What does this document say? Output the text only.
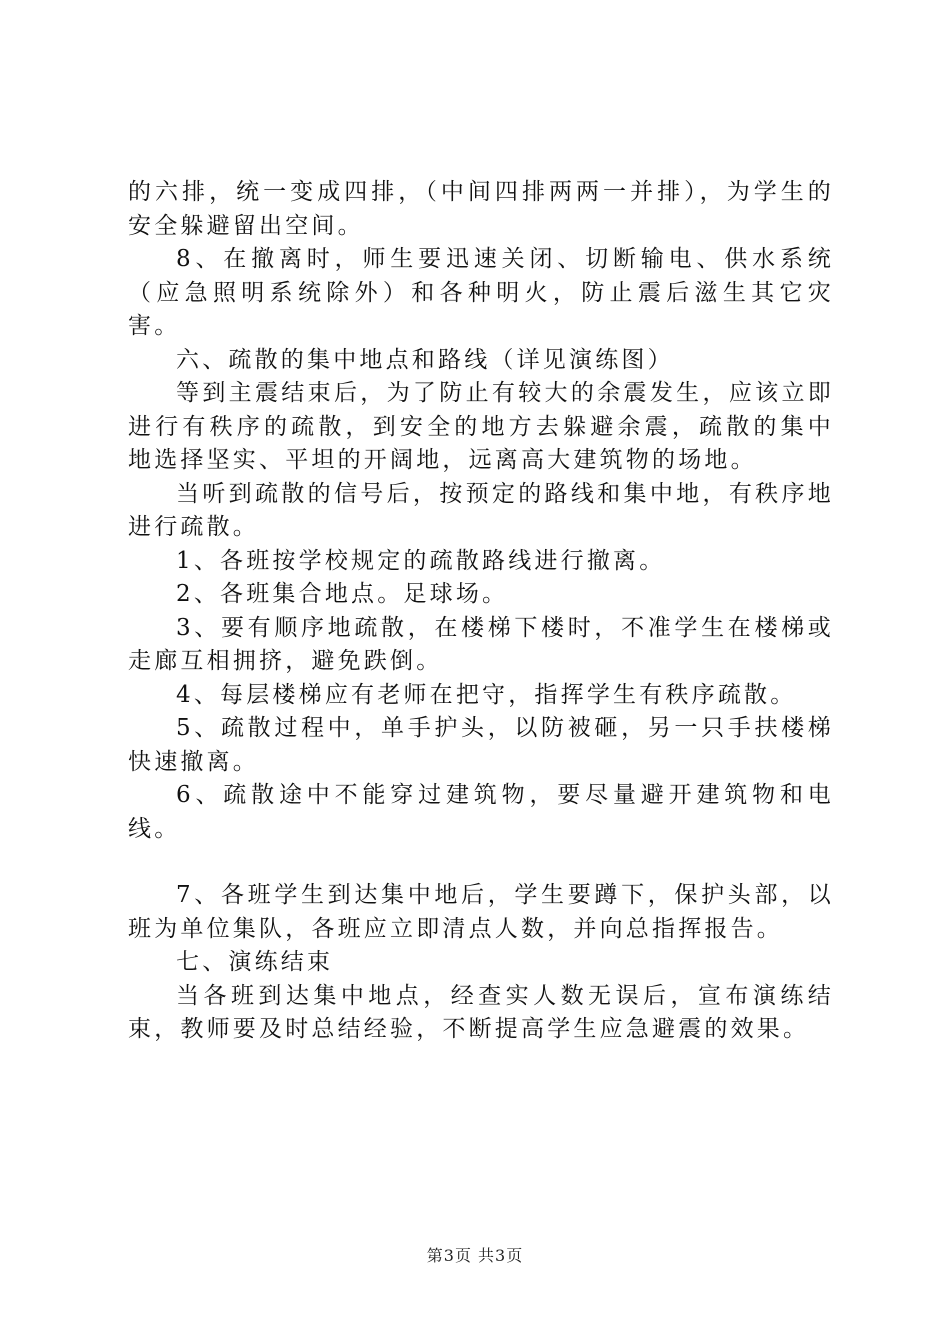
的六排，统一变成四排，（中间四排两两一并排），为学生的安全躲避留出空间。

8、在撤离时，师生要迅速关闭、切断输电、供水系统（应急照明系统除外）和各种明火，防止震后滋生其它灾害。

六、疏散的集中地点和路线（详见演练图）

等到主震结束后，为了防止有较大的余震发生，应该立即进行有秩序的疏散，到安全的地方去躲避余震，疏散的集中地选择坚实、平坦的开阔地，远离高大建筑物的场地。

当听到疏散的信号后，按预定的路线和集中地，有秩序地进行疏散。

1、各班按学校规定的疏散路线进行撤离。

2、各班集合地点。足球场。

3、要有顺序地疏散，在楼梯下楼时，不准学生在楼梯或走廊互相拥挤，避免跌倒。

4、每层楼梯应有老师在把守，指挥学生有秩序疏散。

5、疏散过程中，单手护头，以防被砸，另一只手扶楼梯快速撤离。

6、疏散途中不能穿过建筑物，要尽量避开建筑物和电线。

7、各班学生到达集中地后，学生要蹲下，保护头部，以班为单位集队，各班应立即清点人数，并向总指挥报告。

七、演练结束

当各班到达集中地点，经查实人数无误后，宣布演练结束，教师要及时总结经验，不断提高学生应急避震的效果。

第3页 共3页
